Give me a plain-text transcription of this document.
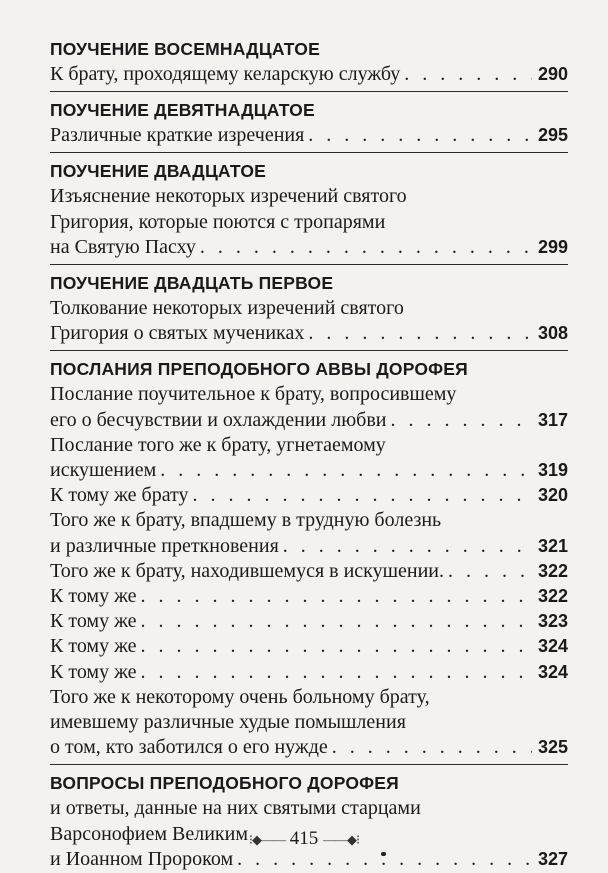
ПОУЧЕНИЕ ВОСЕМНАДЦАТОЕ
К брату, проходящему келарскую службу . . .	290
ПОУЧЕНИЕ ДЕВЯТНАДЦАТОЕ
Различные краткие изречения . . .	295
ПОУЧЕНИЕ ДВАДЦАТОЕ
Изъяснение некоторых изречений святого
Григория, которые поются с тропарями
на Святую Пасху . . .	299
ПОУЧЕНИЕ ДВАДЦАТЬ ПЕРВОЕ
Толкование некоторых изречений святого
Григория о святых мучениках . . .	308
ПОСЛАНИЯ ПРЕПОДОБНОГО АВВЫ ДОРОФЕЯ
Послание поучительное к брату, вопросившему
его о бесчувствии и охлаждении любви . . .	317
Послание того же к брату, угнетаемому
искушением . . .	319
К тому же брату . . .	320
Того же к брату, впадшему в трудную болезнь
и различные преткновения . . .	321
Того же к брату, находившемуся в искушении. . . .	322
К тому же . . .	322
К тому же . . .	323
К тому же . . .	324
К тому же . . .	324
Того же к некоторому очень больному брату,
имевшему различные худые помышления
о том, кто заботился о его нужде . . .	325
ВОПРОСЫ ПРЕПОДОБНОГО ДОРОФЕЯ
и ответы, данные на них святыми старцами
Варсонофием Великим
и Иоанном Пророком . . .	327
⁝◆—— 415 ——◆⁝
